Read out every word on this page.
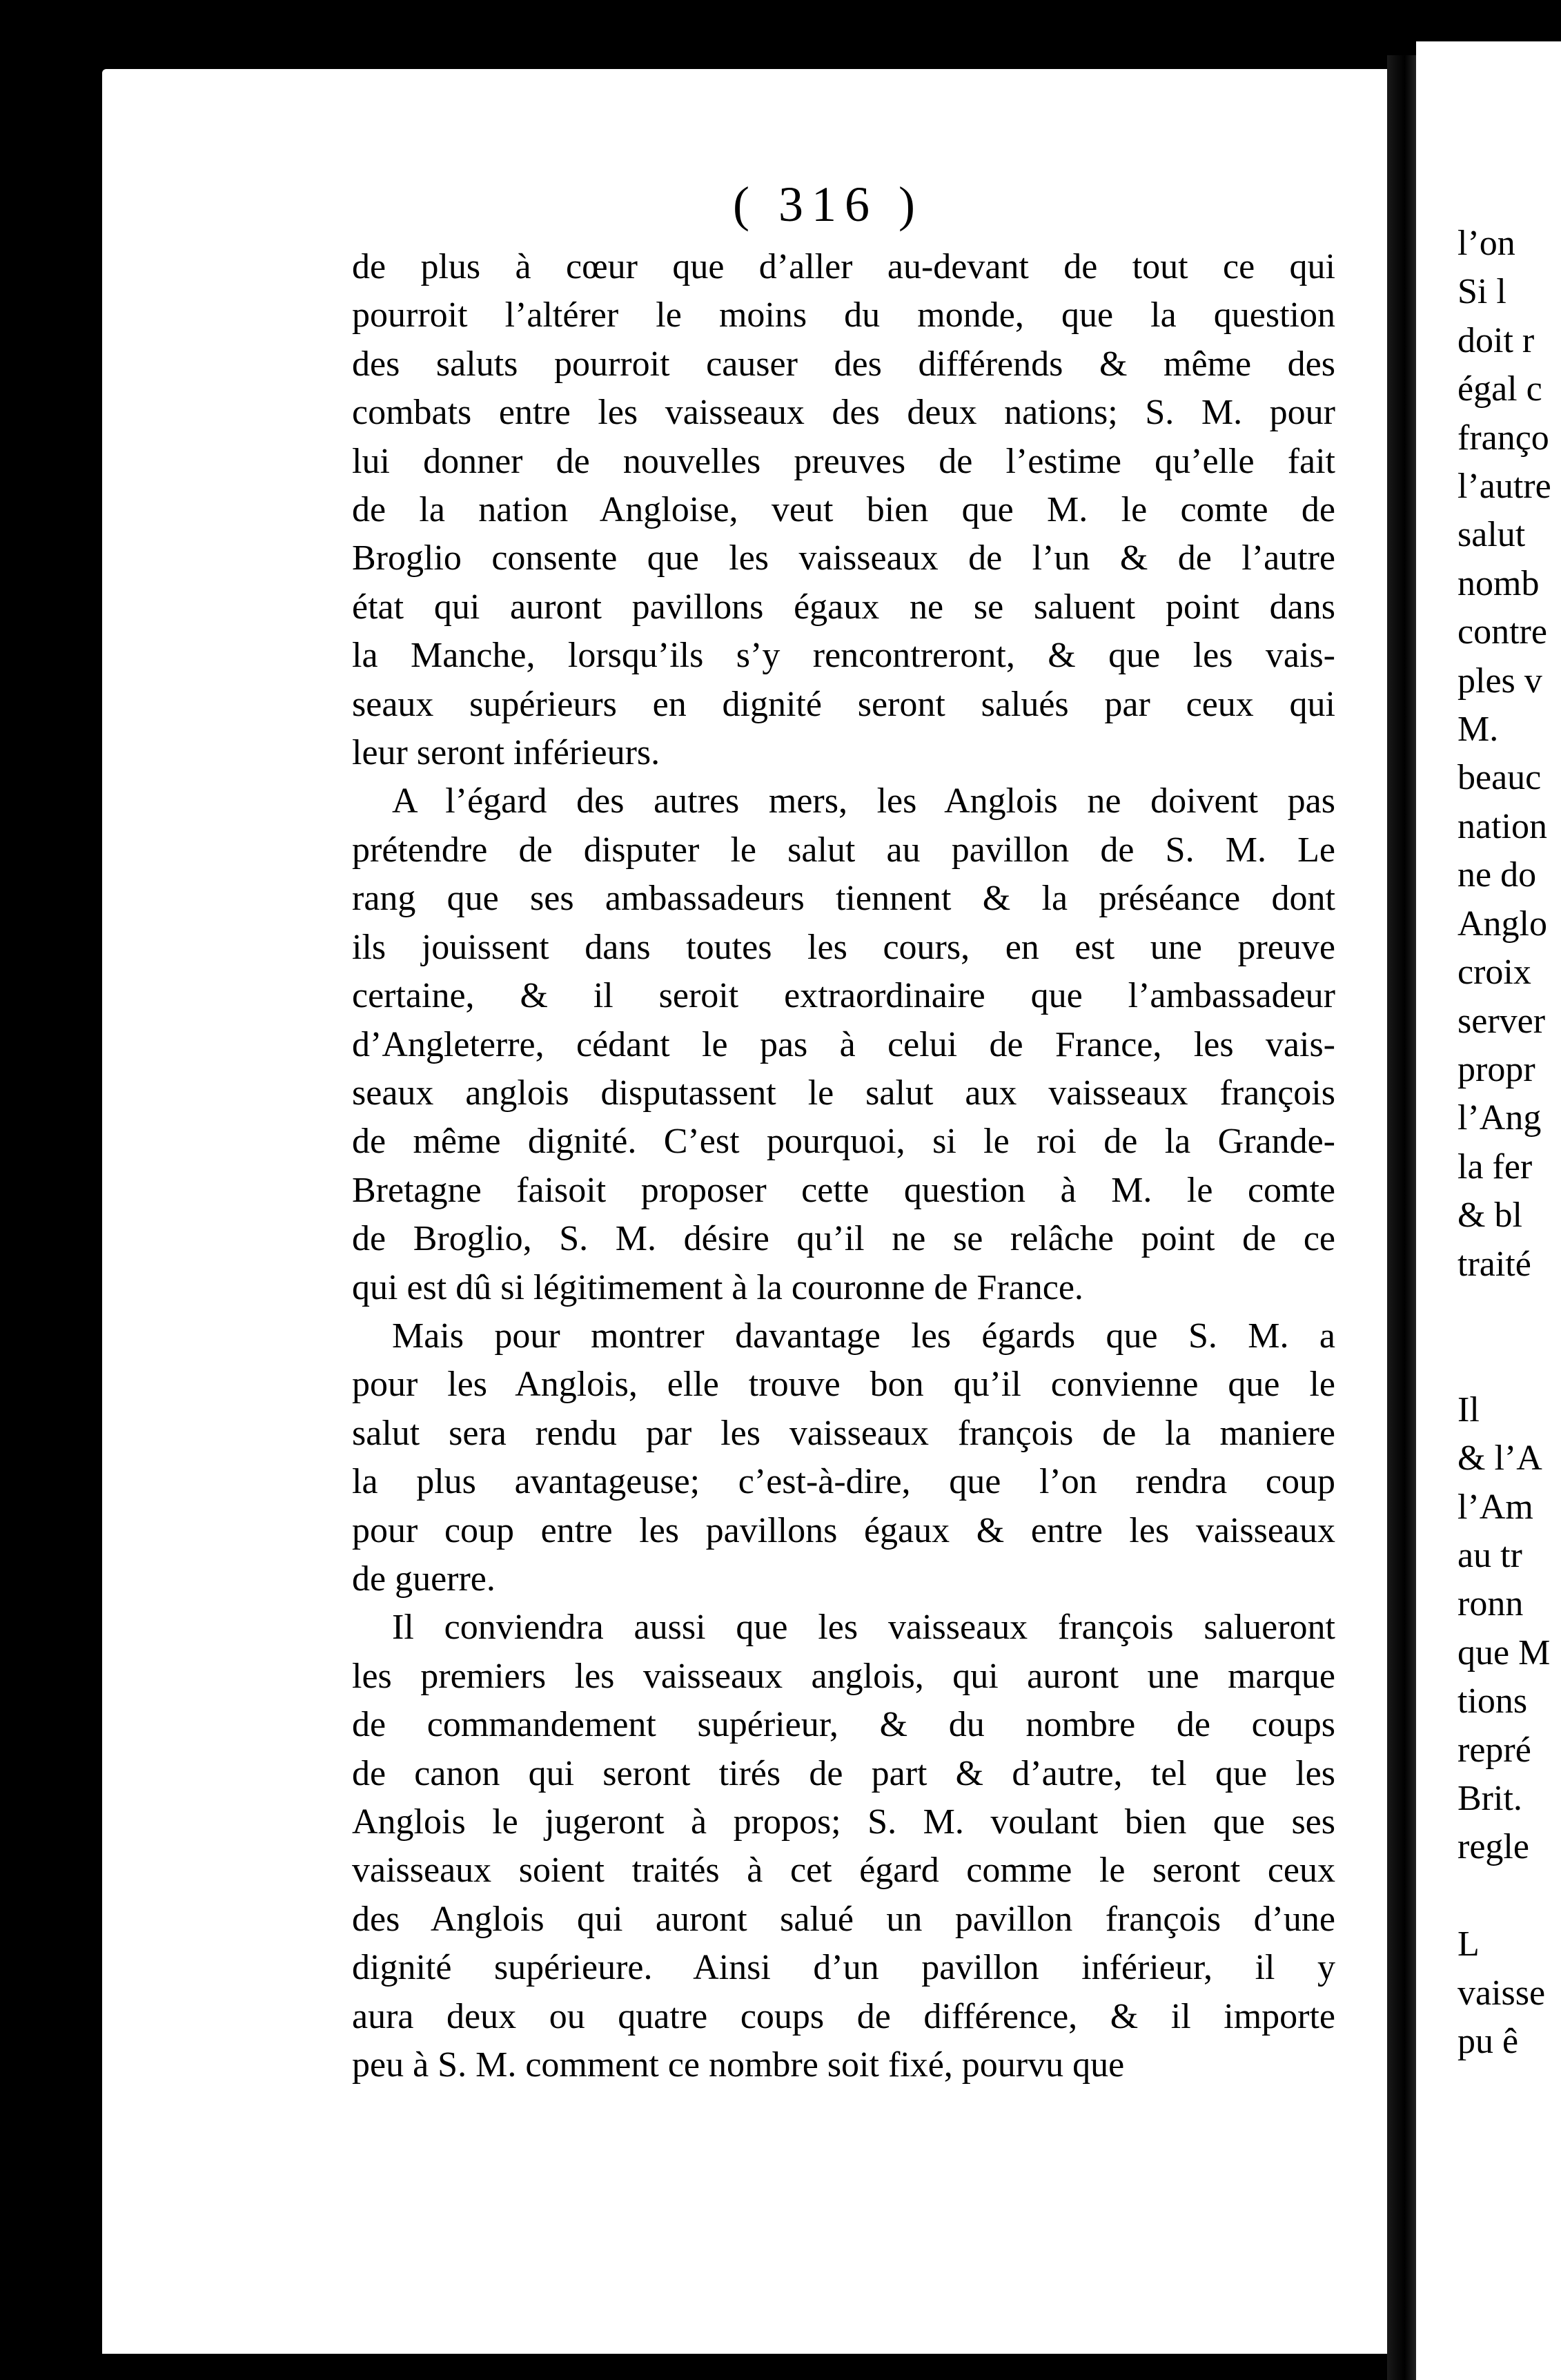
( 316 )
de plus à cœur que d’aller au-devant de tout ce qui
pourroit l’altérer le moins du monde, que la question
des saluts pourroit causer des différends & même des
combats entre les vaisseaux des deux nations; S. M. pour
lui donner de nouvelles preuves de l’estime qu’elle fait
de la nation Angloise, veut bien que M. le comte de
Broglio consente que les vaisseaux de l’un & de l’autre
état qui auront pavillons égaux ne se saluent point dans
la Manche, lorsqu’ils s’y rencontreront, & que les vais-
seaux supérieurs en dignité seront salués par ceux qui
leur seront inférieurs.
A l’égard des autres mers, les Anglois ne doivent pas
prétendre de disputer le salut au pavillon de S. M. Le
rang que ses ambassadeurs tiennent & la préséance dont
ils jouissent dans toutes les cours, en est une preuve
certaine, & il seroit extraordinaire que l’ambassadeur
d’Angleterre, cédant le pas à celui de France, les vais-
seaux anglois disputassent le salut aux vaisseaux françois
de même dignité. C’est pourquoi, si le roi de la Grande-
Bretagne faisoit proposer cette question à M. le comte
de Broglio, S. M. désire qu’il ne se relâche point de ce
qui est dû si légitimement à la couronne de France.
Mais pour montrer davantage les égards que S. M. a
pour les Anglois, elle trouve bon qu’il convienne que le
salut sera rendu par les vaisseaux françois de la maniere
la plus avantageuse; c’est-à-dire, que l’on rendra coup
pour coup entre les pavillons égaux & entre les vaisseaux
de guerre.
Il conviendra aussi que les vaisseaux françois salueront
les premiers les vaisseaux anglois, qui auront une marque
de commandement supérieur, & du nombre de coups
de canon qui seront tirés de part & d’autre, tel que les
Anglois le jugeront à propos; S. M. voulant bien que ses
vaisseaux soient traités à cet égard comme le seront ceux
des Anglois qui auront salué un pavillon françois d’une
dignité supérieure. Ainsi d’un pavillon inférieur, il y
aura deux ou quatre coups de différence, & il importe
peu à S. M. comment ce nombre soit fixé, pourvu que
l’on
Si l
doit r
égal c
franço
l’autre
salut
nomb
contre
ples v
M.
beauc
nation
ne do
Anglo
croix
server
propr
l’Ang
la fer
& bl
traité

Il
& l’A
l’Am
au tr
ronn
que M
tions
repré
Brit.
regle

L
vaisse
pu ê
